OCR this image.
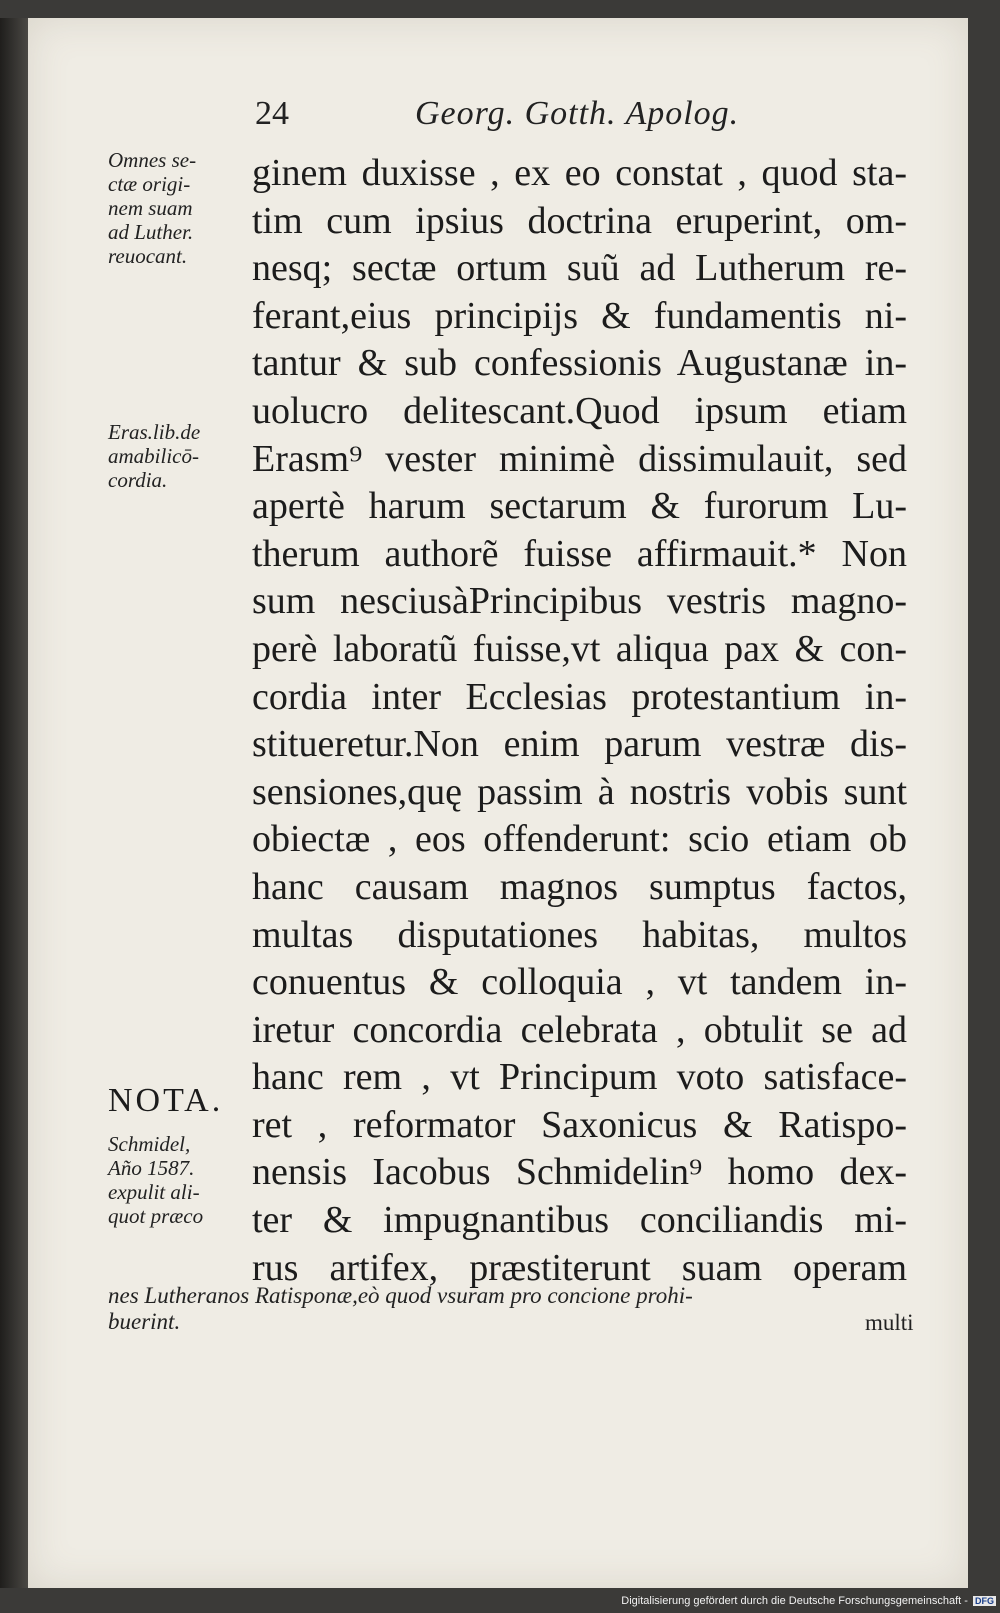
24	Georg. Gotth. Apolog.
ginem duxisse , ex eo constat , quod sta-
tim cum ipsius doctrina eruperint, om-
nesq; sectæ ortum suũ ad Lutherum re-
ferant,eius principijs & fundamentis ni-
tantur & sub confessionis Augustanæ in-
uolucro delitescant.Quod ipsum etiam
Erasm⁹ vester minimè dissimulauit, sed
apertè harum sectarum & furorum Lu-
therum authorẽ fuisse affirmauit.* Non
sum nesciusàPrincipibus vestris magno-
perè laboratũ fuisse,vt aliqua pax & con-
cordia inter Ecclesias protestantium in-
stitueretur.Non enim parum vestræ dis-
sensiones,quę passim à nostris vobis sunt
obiectæ , eos offenderunt: scio etiam ob
hanc causam magnos sumptus factos,
multas disputationes habitas, multos
conuentus & colloquia , vt tandem in-
iretur concordia celebrata , obtulit se ad
hanc rem , vt Principum voto satisface-
ret , reformator Saxonicus & Ratispo-
nensis Iacobus Schmidelin⁹ homo dex-
ter & impugnantibus conciliandis mi-
rus artifex, præstiterunt suam operam
Omnes se-
ctæ origi-
nem suam
ad Luther.
reuocant.
Eras.lib.de
amabilicō-
cordia.
NOTA.
Schmidel,
Año 1587.
expulit ali-
quot præco
nes Lutheranos Ratisponæ,eò quod vsuram pro concione prohi-
buerint.	multi
Digitalisierung gefördert durch die Deutsche Forschungsgemeinschaft - DFG
